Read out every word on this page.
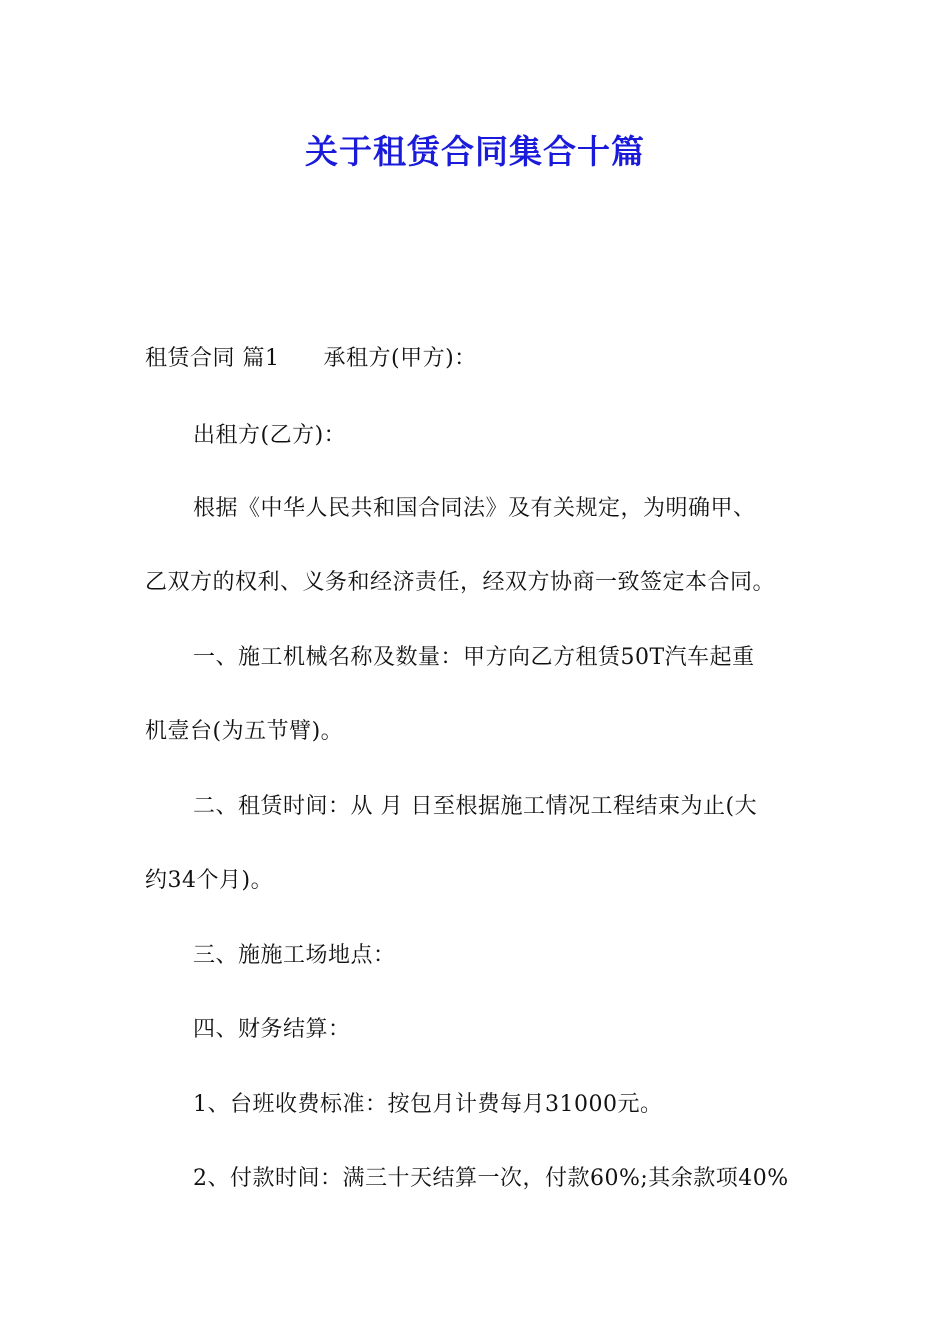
关于租赁合同集合十篇
租赁合同 篇1 承租方(甲方)：
出租方(乙方)：
根据《中华人民共和国合同法》及有关规定，为明确甲、
乙双方的权利、义务和经济责任，经双方协商一致签定本合同。
一、施工机械名称及数量：甲方向乙方租赁50T汽车起重
机壹台(为五节臂)。
二、租赁时间：从 月 日至根据施工情况工程结束为止(大
约34个月)。
三、施施工场地点：
四、财务结算：
1、台班收费标准：按包月计费每月31000元。
2、付款时间：满三十天结算一次，付款60%;其余款项40%
